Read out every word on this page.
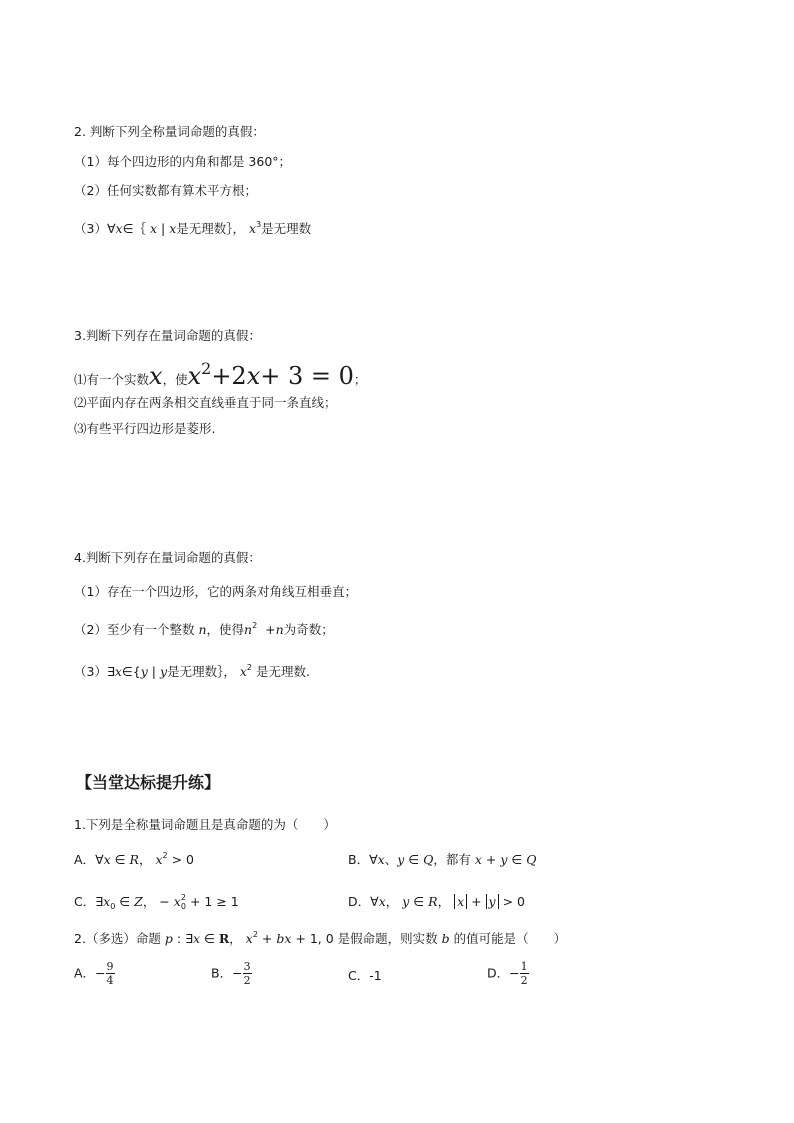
2. 判断下列全称量词命题的真假：
（1）每个四边形的内角和都是 360°；
（2）任何实数都有算术平方根；
（3）∀x∈｛ x | x是无理数｝， $x^3$是无理数
3.判断下列存在量词命题的真假：
⑴有一个实数x，使x2+2x+ 3 = 0；
⑵平面内存在两条相交直线垂直于同一条直线；
⑶有些平行四边形是菱形.
4.判断下列存在量词命题的真假：
（1）存在一个四边形，它的两条对角线互相垂直；
（2）至少有一个整数 n，使得$n^2 +n$为奇数；
（3）∃x∈{y | y是无理数｝， $x^2$ 是无理数.
【当堂达标提升练】
1.下列是全称量词命题且是真命题的为（　　）
A．∀x ∈ R， $x^2 > 0$	B．∀x、y ∈ Q，都有 x + y ∈ Q
C．$\exists x_0$ ∈ Z， − $x_0^2 + 1 \ge 1$	D．∀x， y ∈ R， x + y > 0
2.（多选）命题 p : ∃x ∈ R， $x^2$ + bx + 1, 0 是假命题，则实数 b 的值可能是（　　）
A．− $\frac{9}{4}$	B．− $\frac{3}{2}$	C．-1	D．− $\frac{1}{2}$
